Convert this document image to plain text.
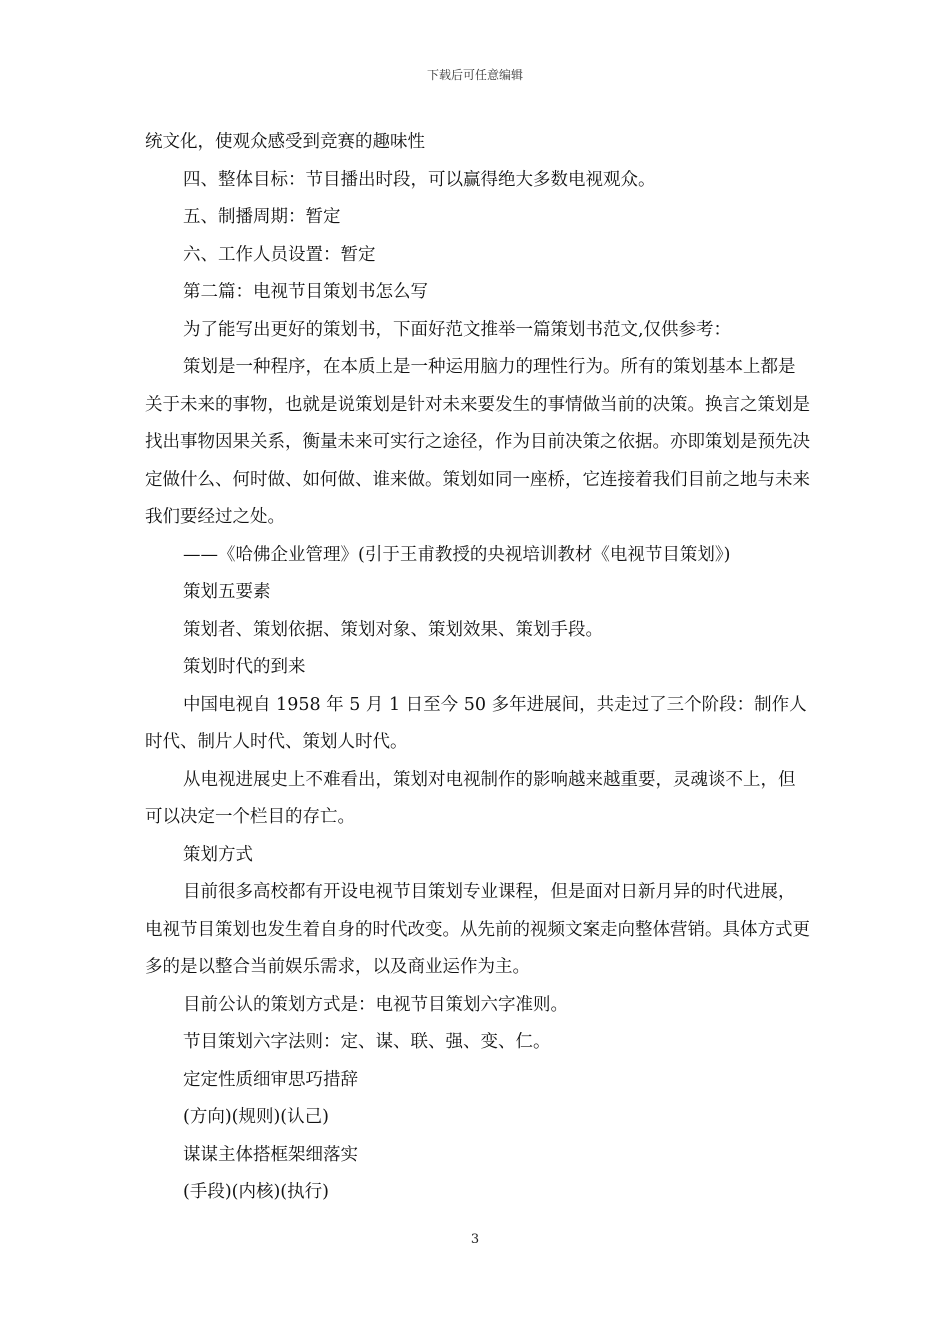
下载后可任意编辑

统文化，使观众感受到竞赛的趣味性

四、整体目标：节目播出时段，可以赢得绝大多数电视观众。

五、制播周期：暂定

六、工作人员设置：暂定

第二篇：电视节目策划书怎么写

为了能写出更好的策划书，下面好范文推举一篇策划书范文,仅供参考：

策划是一种程序，在本质上是一种运用脑力的理性行为。所有的策划基本上都是关于未来的事物，也就是说策划是针对未来要发生的事情做当前的决策。换言之策划是找出事物因果关系，衡量未来可实行之途径，作为目前决策之依据。亦即策划是预先决定做什么、何时做、如何做、谁来做。策划如同一座桥，它连接着我们目前之地与未来我们要经过之处。

——《哈佛企业管理》(引于王甫教授的央视培训教材《电视节目策划》)

策划五要素

策划者、策划依据、策划对象、策划效果、策划手段。

策划时代的到来

中国电视自 1958 年 5 月 1 日至今 50 多年进展间，共走过了三个阶段：制作人时代、制片人时代、策划人时代。

从电视进展史上不难看出，策划对电视制作的影响越来越重要，灵魂谈不上，但可以决定一个栏目的存亡。

策划方式

目前很多高校都有开设电视节目策划专业课程，但是面对日新月异的时代进展，电视节目策划也发生着自身的时代改变。从先前的视频文案走向整体营销。具体方式更多的是以整合当前娱乐需求，以及商业运作为主。

目前公认的策划方式是：电视节目策划六字准则。

节目策划六字法则：定、谋、联、强、变、仁。

定定性质细审思巧措辞

(方向)(规则)(认己)

谋谋主体搭框架细落实

(手段)(内核)(执行)

3
